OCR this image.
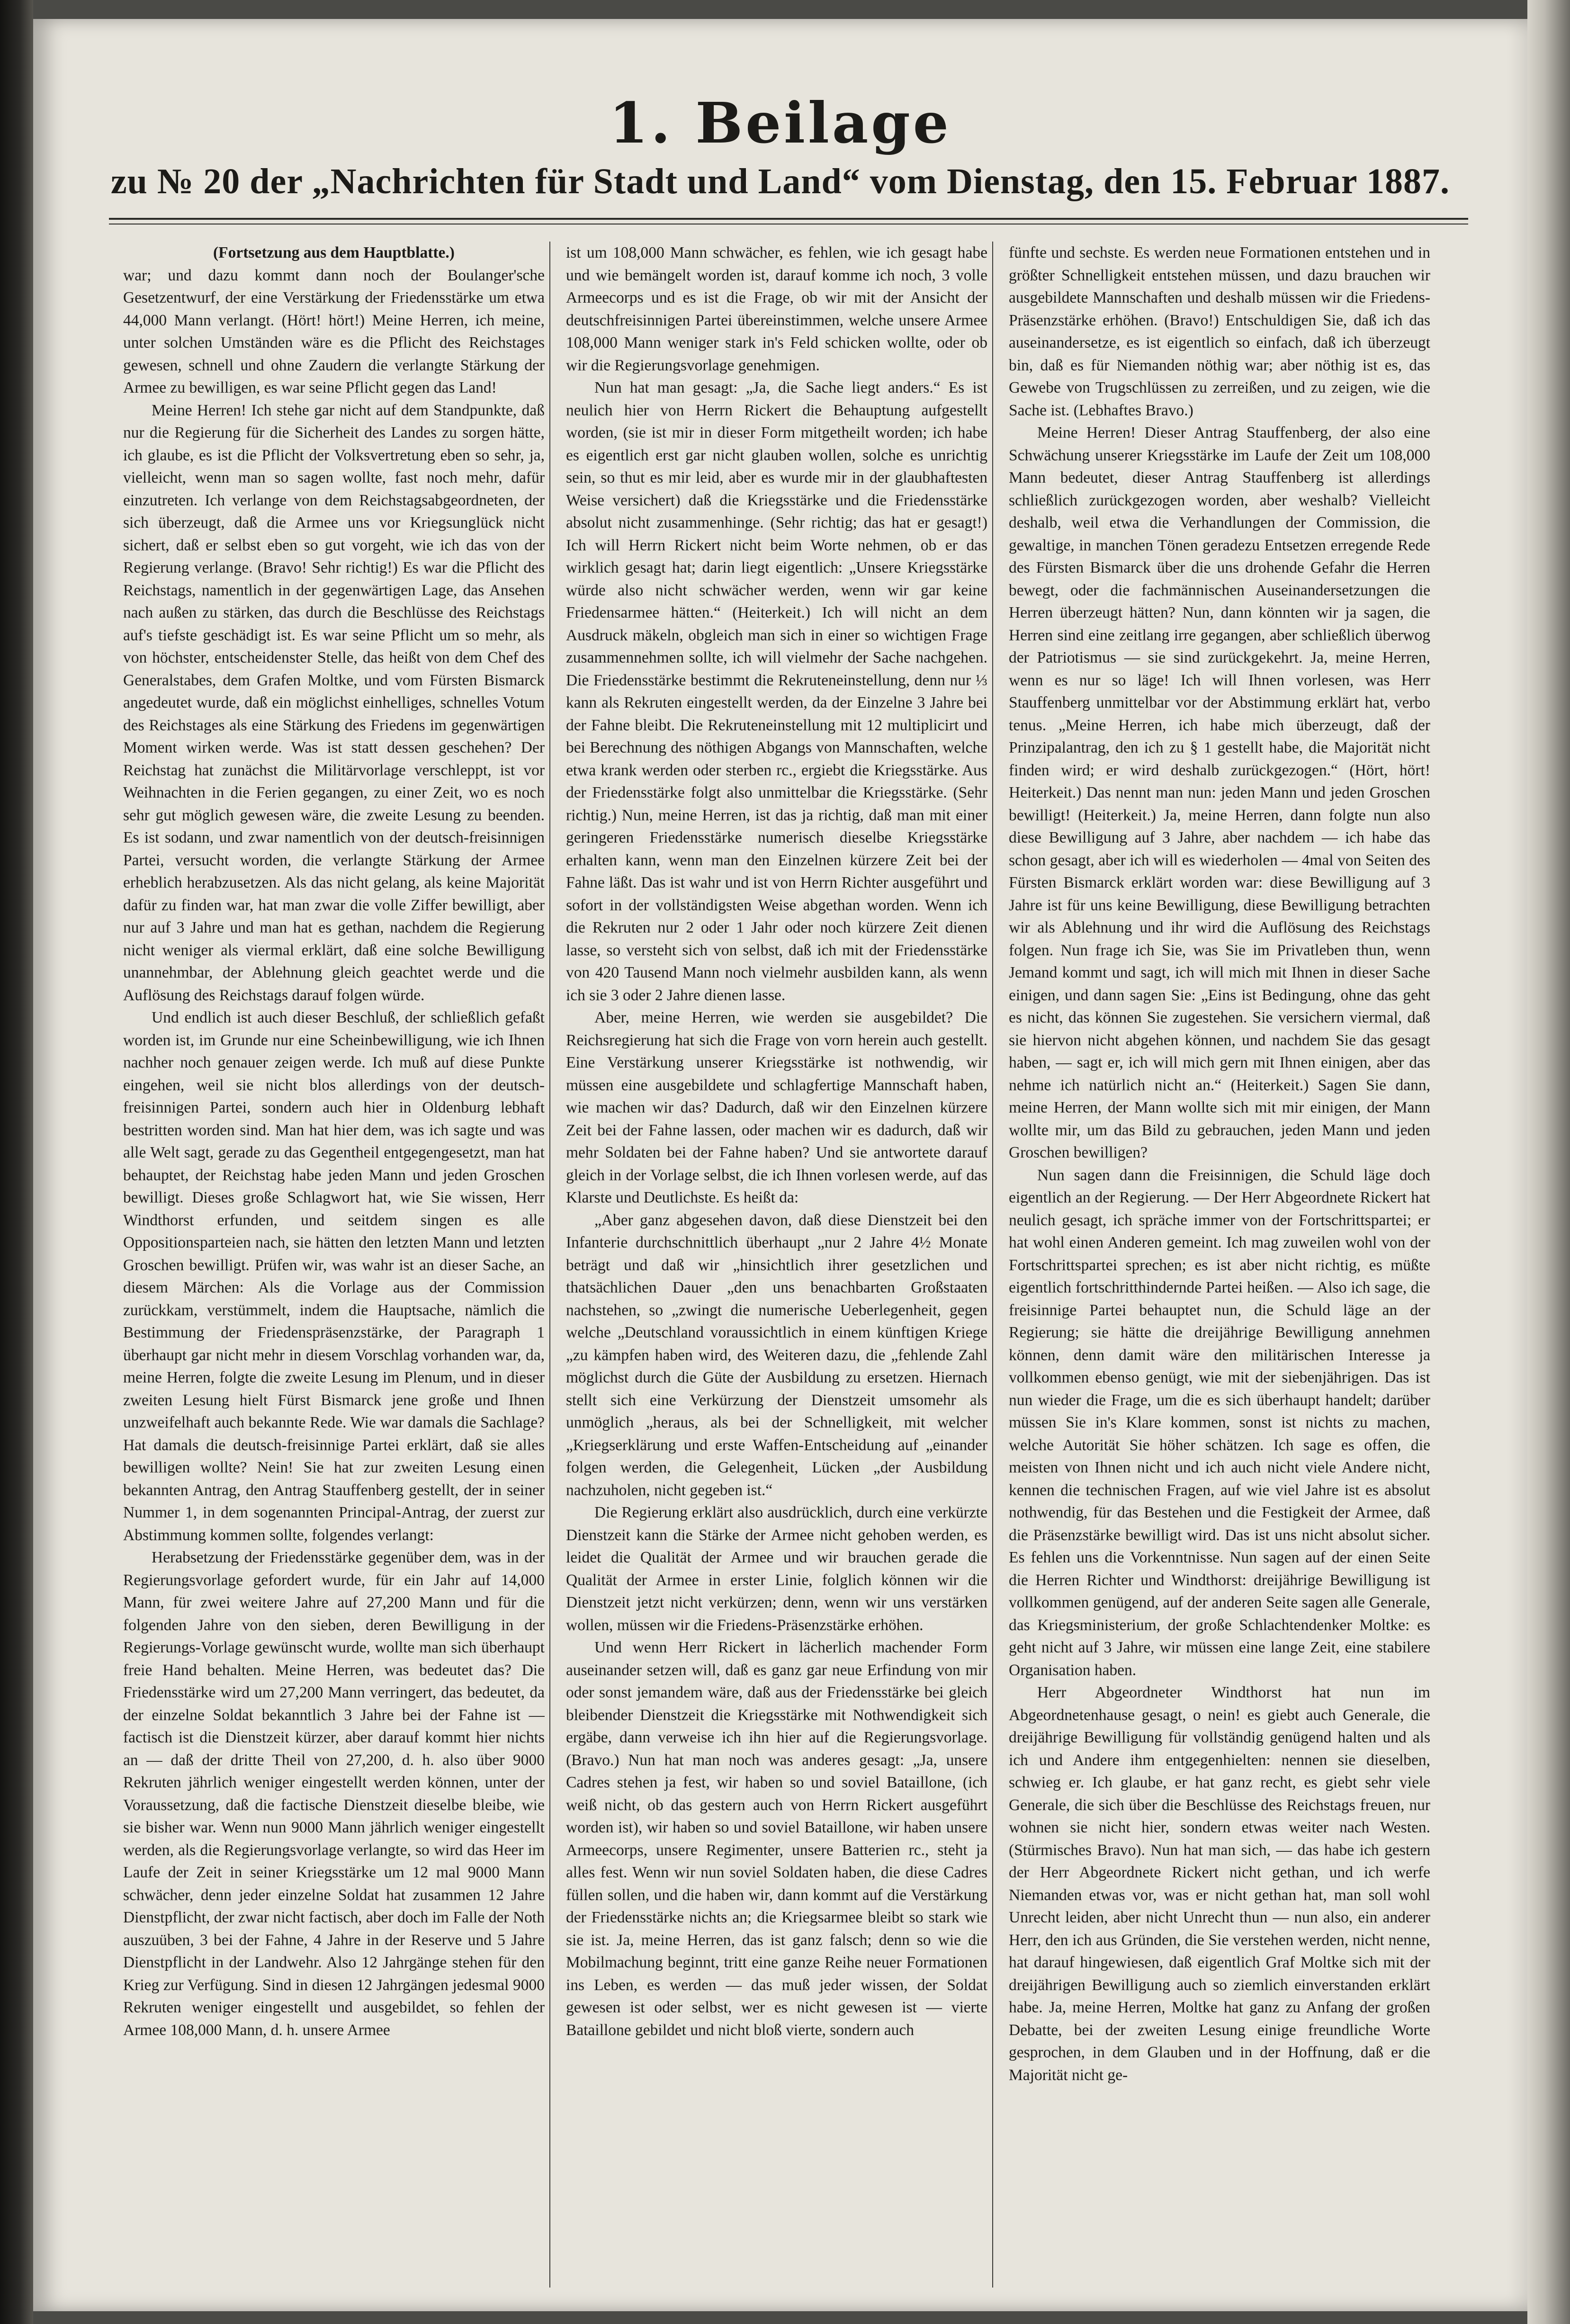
1. Beilage
zu № 20 der „Nachrichten für Stadt und Land“ vom Dienstag, den 15. Februar 1887.

(Fortsetzung aus dem Hauptblatte.)

war; und dazu kommt dann noch der Boulanger'sche Gesetzentwurf, der eine Verstärkung der Friedensstärke um etwa 44,000 Mann verlangt. (Hört! hört!) Meine Herren, ich meine, unter solchen Umständen wäre es die Pflicht des Reichstages gewesen, schnell und ohne Zaudern die verlangte Stärkung der Armee zu bewilligen, es war seine Pflicht gegen das Land!

Meine Herren! Ich stehe gar nicht auf dem Standpunkte, daß nur die Regierung für die Sicherheit des Landes zu sorgen hätte, ich glaube, es ist die Pflicht der Volksvertretung eben so sehr, ja, vielleicht, wenn man so sagen wollte, fast noch mehr, dafür einzutreten. Ich verlange von dem Reichstagsabgeordneten, der sich überzeugt, daß die Armee uns vor Kriegsunglück nicht sichert, daß er selbst eben so gut vorgeht, wie ich das von der Regierung verlange. (Bravo! Sehr richtig!) Es war die Pflicht des Reichstags, namentlich in der gegenwärtigen Lage, das Ansehen nach außen zu stärken, das durch die Beschlüsse des Reichstags auf's tiefste geschädigt ist. Es war seine Pflicht um so mehr, als von höchster, entscheidenster Stelle, das heißt von dem Chef des Generalstabes, dem Grafen Moltke, und vom Fürsten Bismarck angedeutet wurde, daß ein möglichst einhelliges, schnelles Votum des Reichstages als eine Stärkung des Friedens im gegenwärtigen Moment wirken werde. Was ist statt dessen geschehen? Der Reichstag hat zunächst die Militärvorlage verschleppt, ist vor Weihnachten in die Ferien gegangen, zu einer Zeit, wo es noch sehr gut möglich gewesen wäre, die zweite Lesung zu beenden. Es ist sodann, und zwar namentlich von der deutsch-freisinnigen Partei, versucht worden, die verlangte Stärkung der Armee erheblich herabzusetzen. Als das nicht gelang, als keine Majorität dafür zu finden war, hat man zwar die volle Ziffer bewilligt, aber nur auf 3 Jahre und man hat es gethan, nachdem die Regierung nicht weniger als viermal erklärt, daß eine solche Bewilligung unannehmbar, der Ablehnung gleich geachtet werde und die Auflösung des Reichstags darauf folgen würde.

Und endlich ist auch dieser Beschluß, der schließlich gefaßt worden ist, im Grunde nur eine Scheinbewilligung, wie ich Ihnen nachher noch genauer zeigen werde. Ich muß auf diese Punkte eingehen, weil sie nicht blos allerdings von der deutsch-freisinnigen Partei, sondern auch hier in Oldenburg lebhaft bestritten worden sind. Man hat hier dem, was ich sagte und was alle Welt sagt, gerade zu das Gegentheil entgegengesetzt, man hat behauptet, der Reichstag habe jeden Mann und jeden Groschen bewilligt. Dieses große Schlagwort hat, wie Sie wissen, Herr Windthorst erfunden, und seitdem singen es alle Oppositionsparteien nach, sie hätten den letzten Mann und letzten Groschen bewilligt. Prüfen wir, was wahr ist an dieser Sache, an diesem Märchen: Als die Vorlage aus der Commission zurückkam, verstümmelt, indem die Hauptsache, nämlich die Bestimmung der Friedenspräsenzstärke, der Paragraph 1 überhaupt gar nicht mehr in diesem Vorschlag vorhanden war, da, meine Herren, folgte die zweite Lesung im Plenum, und in dieser zweiten Lesung hielt Fürst Bismarck jene große und Ihnen unzweifelhaft auch bekannte Rede. Wie war damals die Sachlage? Hat damals die deutsch-freisinnige Partei erklärt, daß sie alles bewilligen wollte? Nein! Sie hat zur zweiten Lesung einen bekannten Antrag, den Antrag Stauffenberg gestellt, der in seiner Nummer 1, in dem sogenannten Principal-Antrag, der zuerst zur Abstimmung kommen sollte, folgendes verlangt:

Herabsetzung der Friedensstärke gegenüber dem, was in der Regierungsvorlage gefordert wurde, für ein Jahr auf 14,000 Mann, für zwei weitere Jahre auf 27,200 Mann und für die folgenden Jahre von den sieben, deren Bewilligung in der Regierungs-Vorlage gewünscht wurde, wollte man sich überhaupt freie Hand behalten. Meine Herren, was bedeutet das? Die Friedensstärke wird um 27,200 Mann verringert, das bedeutet, da der einzelne Soldat bekanntlich 3 Jahre bei der Fahne ist — factisch ist die Dienstzeit kürzer, aber darauf kommt hier nichts an — daß der dritte Theil von 27,200, d. h. also über 9000 Rekruten jährlich weniger eingestellt werden können, unter der Voraussetzung, daß die factische Dienstzeit dieselbe bleibe, wie sie bisher war. Wenn nun 9000 Mann jährlich weniger eingestellt werden, als die Regierungsvorlage verlangte, so wird das Heer im Laufe der Zeit in seiner Kriegsstärke um 12 mal 9000 Mann schwächer, denn jeder einzelne Soldat hat zusammen 12 Jahre Dienstpflicht, der zwar nicht factisch, aber doch im Falle der Noth auszuüben, 3 bei der Fahne, 4 Jahre in der Reserve und 5 Jahre Dienstpflicht in der Landwehr. Also 12 Jahrgänge stehen für den Krieg zur Verfügung. Sind in diesen 12 Jahrgängen jedesmal 9000 Rekruten weniger eingestellt und ausgebildet, so fehlen der Armee 108,000 Mann, d. h. unsere Armee

ist um 108,000 Mann schwächer, es fehlen, wie ich gesagt habe und wie bemängelt worden ist, darauf komme ich noch, 3 volle Armeecorps und es ist die Frage, ob wir mit der Ansicht der deutschfreisinnigen Partei übereinstimmen, welche unsere Armee 108,000 Mann weniger stark in's Feld schicken wollte, oder ob wir die Regierungsvorlage genehmigen.

Nun hat man gesagt: „Ja, die Sache liegt anders.“ Es ist neulich hier von Herrn Rickert die Behauptung aufgestellt worden, (sie ist mir in dieser Form mitgetheilt worden; ich habe es eigentlich erst gar nicht glauben wollen, solche es unrichtig sein, so thut es mir leid, aber es wurde mir in der glaubhaftesten Weise versichert) daß die Kriegsstärke und die Friedensstärke absolut nicht zusammenhinge. (Sehr richtig; das hat er gesagt!) Ich will Herrn Rickert nicht beim Worte nehmen, ob er das wirklich gesagt hat; darin liegt eigentlich: „Unsere Kriegsstärke würde also nicht schwächer werden, wenn wir gar keine Friedensarmee hätten.“ (Heiterkeit.) Ich will nicht an dem Ausdruck mäkeln, obgleich man sich in einer so wichtigen Frage zusammennehmen sollte, ich will vielmehr der Sache nachgehen. Die Friedensstärke bestimmt die Rekruteneinstellung, denn nur ⅓ kann als Rekruten eingestellt werden, da der Einzelne 3 Jahre bei der Fahne bleibt. Die Rekruteneinstellung mit 12 multiplicirt und bei Berechnung des nöthigen Abgangs von Mannschaften, welche etwa krank werden oder sterben rc., ergiebt die Kriegsstärke. Aus der Friedensstärke folgt also unmittelbar die Kriegsstärke. (Sehr richtig.) Nun, meine Herren, ist das ja richtig, daß man mit einer geringeren Friedensstärke numerisch dieselbe Kriegsstärke erhalten kann, wenn man den Einzelnen kürzere Zeit bei der Fahne läßt. Das ist wahr und ist von Herrn Richter ausgeführt und sofort in der vollständigsten Weise abgethan worden. Wenn ich die Rekruten nur 2 oder 1 Jahr oder noch kürzere Zeit dienen lasse, so versteht sich von selbst, daß ich mit der Friedensstärke von 420 Tausend Mann noch vielmehr ausbilden kann, als wenn ich sie 3 oder 2 Jahre dienen lasse.

Aber, meine Herren, wie werden sie ausgebildet? Die Reichsregierung hat sich die Frage von vorn herein auch gestellt. Eine Verstärkung unserer Kriegsstärke ist nothwendig, wir müssen eine ausgebildete und schlagfertige Mannschaft haben, wie machen wir das? Dadurch, daß wir den Einzelnen kürzere Zeit bei der Fahne lassen, oder machen wir es dadurch, daß wir mehr Soldaten bei der Fahne haben? Und sie antwortete darauf gleich in der Vorlage selbst, die ich Ihnen vorlesen werde, auf das Klarste und Deutlichste. Es heißt da:

„Aber ganz abgesehen davon, daß diese Dienstzeit bei den Infanterie durchschnittlich überhaupt „nur 2 Jahre 4½ Monate beträgt und daß wir „hinsichtlich ihrer gesetzlichen und thatsächlichen Dauer „den uns benachbarten Großstaaten nachstehen, so „zwingt die numerische Ueberlegenheit, gegen welche „Deutschland voraussichtlich in einem künftigen Kriege „zu kämpfen haben wird, des Weiteren dazu, die „fehlende Zahl möglichst durch die Güte der Ausbildung zu ersetzen. Hiernach stellt sich eine Verkürzung der Dienstzeit umsomehr als unmöglich „heraus, als bei der Schnelligkeit, mit welcher „Kriegserklärung und erste Waffen-Entscheidung auf „einander folgen werden, die Gelegenheit, Lücken „der Ausbildung nachzuholen, nicht gegeben ist.“

Die Regierung erklärt also ausdrücklich, durch eine verkürzte Dienstzeit kann die Stärke der Armee nicht gehoben werden, es leidet die Qualität der Armee und wir brauchen gerade die Qualität der Armee in erster Linie, folglich können wir die Dienstzeit jetzt nicht verkürzen; denn, wenn wir uns verstärken wollen, müssen wir die Friedens-Präsenzstärke erhöhen.

Und wenn Herr Rickert in lächerlich machender Form auseinander setzen will, daß es ganz gar neue Erfindung von mir oder sonst jemandem wäre, daß aus der Friedensstärke bei gleich bleibender Dienstzeit die Kriegsstärke mit Nothwendigkeit sich ergäbe, dann verweise ich ihn hier auf die Regierungsvorlage. (Bravo.) Nun hat man noch was anderes gesagt: „Ja, unsere Cadres stehen ja fest, wir haben so und soviel Bataillone, (ich weiß nicht, ob das gestern auch von Herrn Rickert ausgeführt worden ist), wir haben so und soviel Bataillone, wir haben unsere Armeecorps, unsere Regimenter, unsere Batterien rc., steht ja alles fest. Wenn wir nun soviel Soldaten haben, die diese Cadres füllen sollen, und die haben wir, dann kommt auf die Verstärkung der Friedensstärke nichts an; die Kriegsarmee bleibt so stark wie sie ist. Ja, meine Herren, das ist ganz falsch; denn so wie die Mobilmachung beginnt, tritt eine ganze Reihe neuer Formationen ins Leben, es werden — das muß jeder wissen, der Soldat gewesen ist oder selbst, wer es nicht gewesen ist — vierte Bataillone gebildet und nicht bloß vierte, sondern auch

fünfte und sechste. Es werden neue Formationen entstehen und in größter Schnelligkeit entstehen müssen, und dazu brauchen wir ausgebildete Mannschaften und deshalb müssen wir die Friedens-Präsenzstärke erhöhen. (Bravo!) Entschuldigen Sie, daß ich das auseinandersetze, es ist eigentlich so einfach, daß ich überzeugt bin, daß es für Niemanden nöthig war; aber nöthig ist es, das Gewebe von Trugschlüssen zu zerreißen, und zu zeigen, wie die Sache ist. (Lebhaftes Bravo.)

Meine Herren! Dieser Antrag Stauffenberg, der also eine Schwächung unserer Kriegsstärke im Laufe der Zeit um 108,000 Mann bedeutet, dieser Antrag Stauffenberg ist allerdings schließlich zurückgezogen worden, aber weshalb? Vielleicht deshalb, weil etwa die Verhandlungen der Commission, die gewaltige, in manchen Tönen geradezu Entsetzen erregende Rede des Fürsten Bismarck über die uns drohende Gefahr die Herren bewegt, oder die fachmännischen Auseinandersetzungen die Herren überzeugt hätten? Nun, dann könnten wir ja sagen, die Herren sind eine zeitlang irre gegangen, aber schließlich überwog der Patriotismus — sie sind zurückgekehrt. Ja, meine Herren, wenn es nur so läge! Ich will Ihnen vorlesen, was Herr Stauffenberg unmittelbar vor der Abstimmung erklärt hat, verbo tenus. „Meine Herren, ich habe mich überzeugt, daß der Prinzipalantrag, den ich zu § 1 gestellt habe, die Majorität nicht finden wird; er wird deshalb zurückgezogen.“ (Hört, hört! Heiterkeit.) Das nennt man nun: jeden Mann und jeden Groschen bewilligt! (Heiterkeit.) Ja, meine Herren, dann folgte nun also diese Bewilligung auf 3 Jahre, aber nachdem — ich habe das schon gesagt, aber ich will es wiederholen — 4mal von Seiten des Fürsten Bismarck erklärt worden war: diese Bewilligung auf 3 Jahre ist für uns keine Bewilligung, diese Bewilligung betrachten wir als Ablehnung und ihr wird die Auflösung des Reichstags folgen. Nun frage ich Sie, was Sie im Privatleben thun, wenn Jemand kommt und sagt, ich will mich mit Ihnen in dieser Sache einigen, und dann sagen Sie: „Eins ist Bedingung, ohne das geht es nicht, das können Sie zugestehen. Sie versichern viermal, daß sie hiervon nicht abgehen können, und nachdem Sie das gesagt haben, — sagt er, ich will mich gern mit Ihnen einigen, aber das nehme ich natürlich nicht an.“ (Heiterkeit.) Sagen Sie dann, meine Herren, der Mann wollte sich mit mir einigen, der Mann wollte mir, um das Bild zu gebrauchen, jeden Mann und jeden Groschen bewilligen?

Nun sagen dann die Freisinnigen, die Schuld läge doch eigentlich an der Regierung. — Der Herr Abgeordnete Rickert hat neulich gesagt, ich spräche immer von der Fortschrittspartei; er hat wohl einen Anderen gemeint. Ich mag zuweilen wohl von der Fortschrittspartei sprechen; es ist aber nicht richtig, es müßte eigentlich fortschritthindernde Partei heißen. — Also ich sage, die freisinnige Partei behauptet nun, die Schuld läge an der Regierung; sie hätte die dreijährige Bewilligung annehmen können, denn damit wäre den militärischen Interesse ja vollkommen ebenso genügt, wie mit der siebenjährigen. Das ist nun wieder die Frage, um die es sich überhaupt handelt; darüber müssen Sie in's Klare kommen, sonst ist nichts zu machen, welche Autorität Sie höher schätzen. Ich sage es offen, die meisten von Ihnen nicht und ich auch nicht viele Andere nicht, kennen die technischen Fragen, auf wie viel Jahre ist es absolut nothwendig, für das Bestehen und die Festigkeit der Armee, daß die Präsenzstärke bewilligt wird. Das ist uns nicht absolut sicher. Es fehlen uns die Vorkenntnisse. Nun sagen auf der einen Seite die Herren Richter und Windthorst: dreijährige Bewilligung ist vollkommen genügend, auf der anderen Seite sagen alle Generale, das Kriegsministerium, der große Schlachtendenker Moltke: es geht nicht auf 3 Jahre, wir müssen eine lange Zeit, eine stabilere Organisation haben.

Herr Abgeordneter Windthorst hat nun im Abgeordnetenhause gesagt, o nein! es giebt auch Generale, die dreijährige Bewilligung für vollständig genügend halten und als ich und Andere ihm entgegenhielten: nennen sie dieselben, schwieg er. Ich glaube, er hat ganz recht, es giebt sehr viele Generale, die sich über die Beschlüsse des Reichstags freuen, nur wohnen sie nicht hier, sondern etwas weiter nach Westen. (Stürmisches Bravo). Nun hat man sich, — das habe ich gestern der Herr Abgeordnete Rickert nicht gethan, und ich werfe Niemanden etwas vor, was er nicht gethan hat, man soll wohl Unrecht leiden, aber nicht Unrecht thun — nun also, ein anderer Herr, den ich aus Gründen, die Sie verstehen werden, nicht nenne, hat darauf hingewiesen, daß eigentlich Graf Moltke sich mit der dreijährigen Bewilligung auch so ziemlich einverstanden erklärt habe. Ja, meine Herren, Moltke hat ganz zu Anfang der großen Debatte, bei der zweiten Lesung einige freundliche Worte gesprochen, in dem Glauben und in der Hoffnung, daß er die Majorität nicht ge-
